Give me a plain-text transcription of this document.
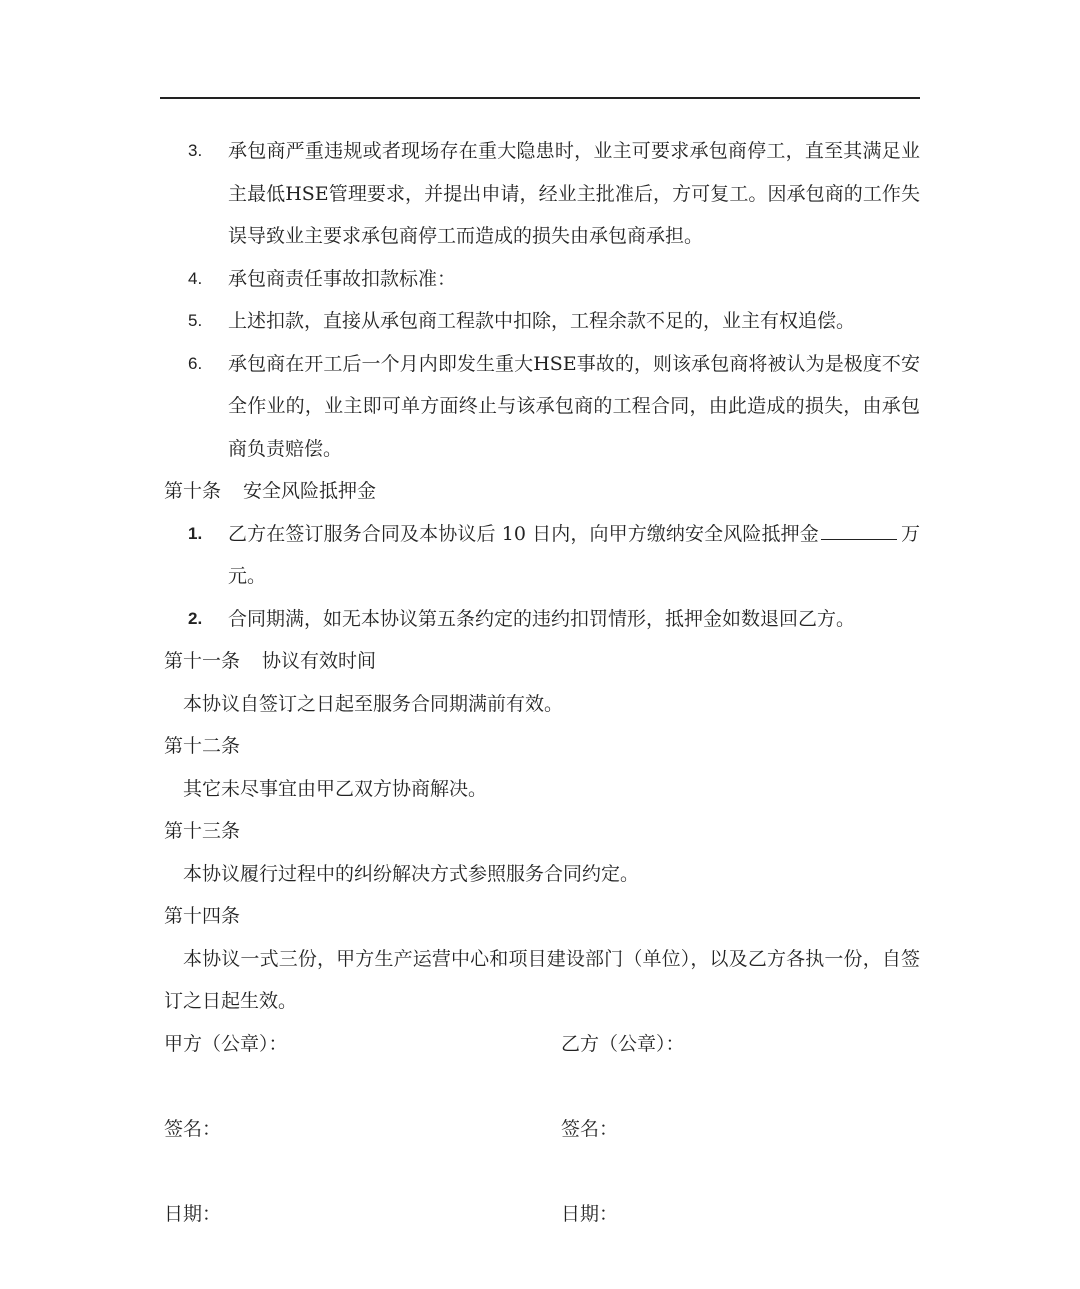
3. 承包商严重违规或者现场存在重大隐患时，业主可要求承包商停工，直至其满足业主最低HSE管理要求，并提出申请，经业主批准后，方可复工。因承包商的工作失误导致业主要求承包商停工而造成的损失由承包商承担。
4. 承包商责任事故扣款标准：
5. 上述扣款，直接从承包商工程款中扣除，工程余款不足的，业主有权追偿。
6. 承包商在开工后一个月内即发生重大HSE事故的，则该承包商将被认为是极度不安全作业的，业主即可单方面终止与该承包商的工程合同，由此造成的损失，由承包商负责赔偿。
第十条 安全风险抵押金
1. 乙方在签订服务合同及本协议后 10 日内，向甲方缴纳安全风险抵押金	万元。
2. 合同期满，如无本协议第五条约定的违约扣罚情形，抵押金如数退回乙方。
第十一条 协议有效时间
本协议自签订之日起至服务合同期满前有效。
第十二条
其它未尽事宜由甲乙双方协商解决。
第十三条
本协议履行过程中的纠纷解决方式参照服务合同约定。
第十四条
本协议一式三份，甲方生产运营中心和项目建设部门（单位），以及乙方各执一份，自签订之日起生效。
甲方（公章）：	乙方（公章）：
签名：	签名：
日期：	日期：
